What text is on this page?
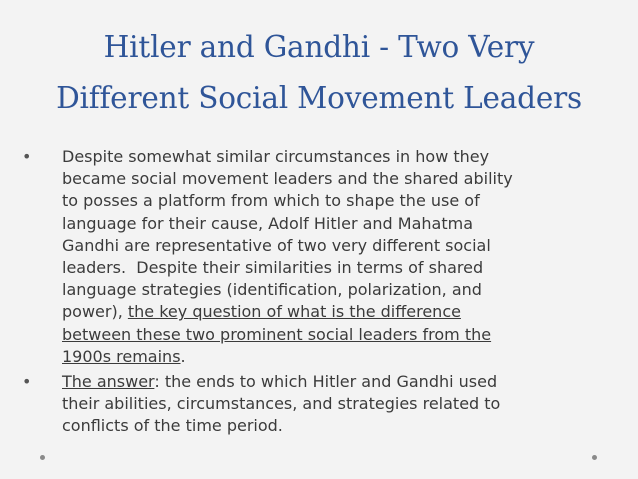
Hitler and Gandhi - Two Very
Different Social Movement Leaders
• Despite somewhat similar circumstances in how they
became social movement leaders and the shared ability
to posses a platform from which to shape the use of
language for their cause, Adolf Hitler and Mahatma
Gandhi are representative of two very different social
leaders.  Despite their similarities in terms of shared
language strategies (identification, polarization, and
power), the key question of what is the difference
between these two prominent social leaders from the
1900s remains.
• The answer: the ends to which Hitler and Gandhi used
their abilities, circumstances, and strategies related to
conflicts of the time period.
